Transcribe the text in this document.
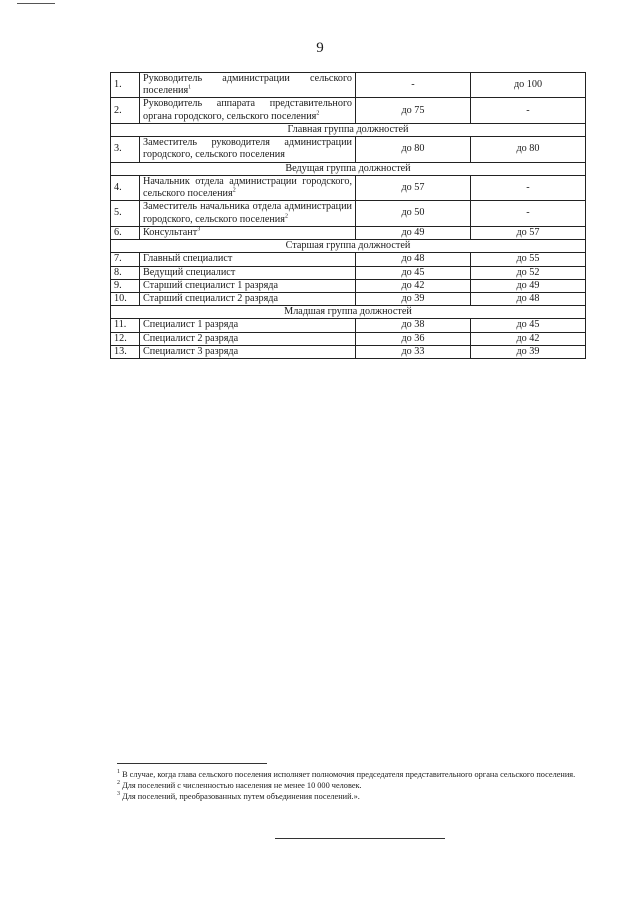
9
1.	Руководитель администрации сельского поселения$^1$	-	до 100
2.	Руководитель аппарата представительного органа городского, сельского поселения$^2$	до 75	-
Главная группа должностей			
3.	Заместитель руководителя администрации городского, сельского поселения	до 80	до 80
Ведущая группа должностей			
4.	Начальник отдела администрации городского, сельского поселения$^2$	до 57	-
5.	Заместитель начальника отдела администрации городского, сельского поселения$^2$	до 50	-
6.	Консультант$^3$	до 49	до 57
Старшая группа должностей			
7.	Главный специалист	до 48	до 55
8.	Ведущий специалист	до 45	до 52
9.	Старший специалист 1 разряда	до 42	до 49
10.	Старший специалист 2 разряда	до 39	до 48
Младшая группа должностей			
11.	Специалист 1 разряда	до 38	до 45
12.	Специалист 2 разряда	до 36	до 42
13.	Специалист 3 разряда	до 33	до 39

$^1$ В случае, когда глава сельского поселения исполняет полномочия председателя представительного органа сельского поселения.

$^2$ Для поселений с численностью населения не менее 10 000 человек.

$^3$ Для поселений, преобразованных путем объединения поселений.».
